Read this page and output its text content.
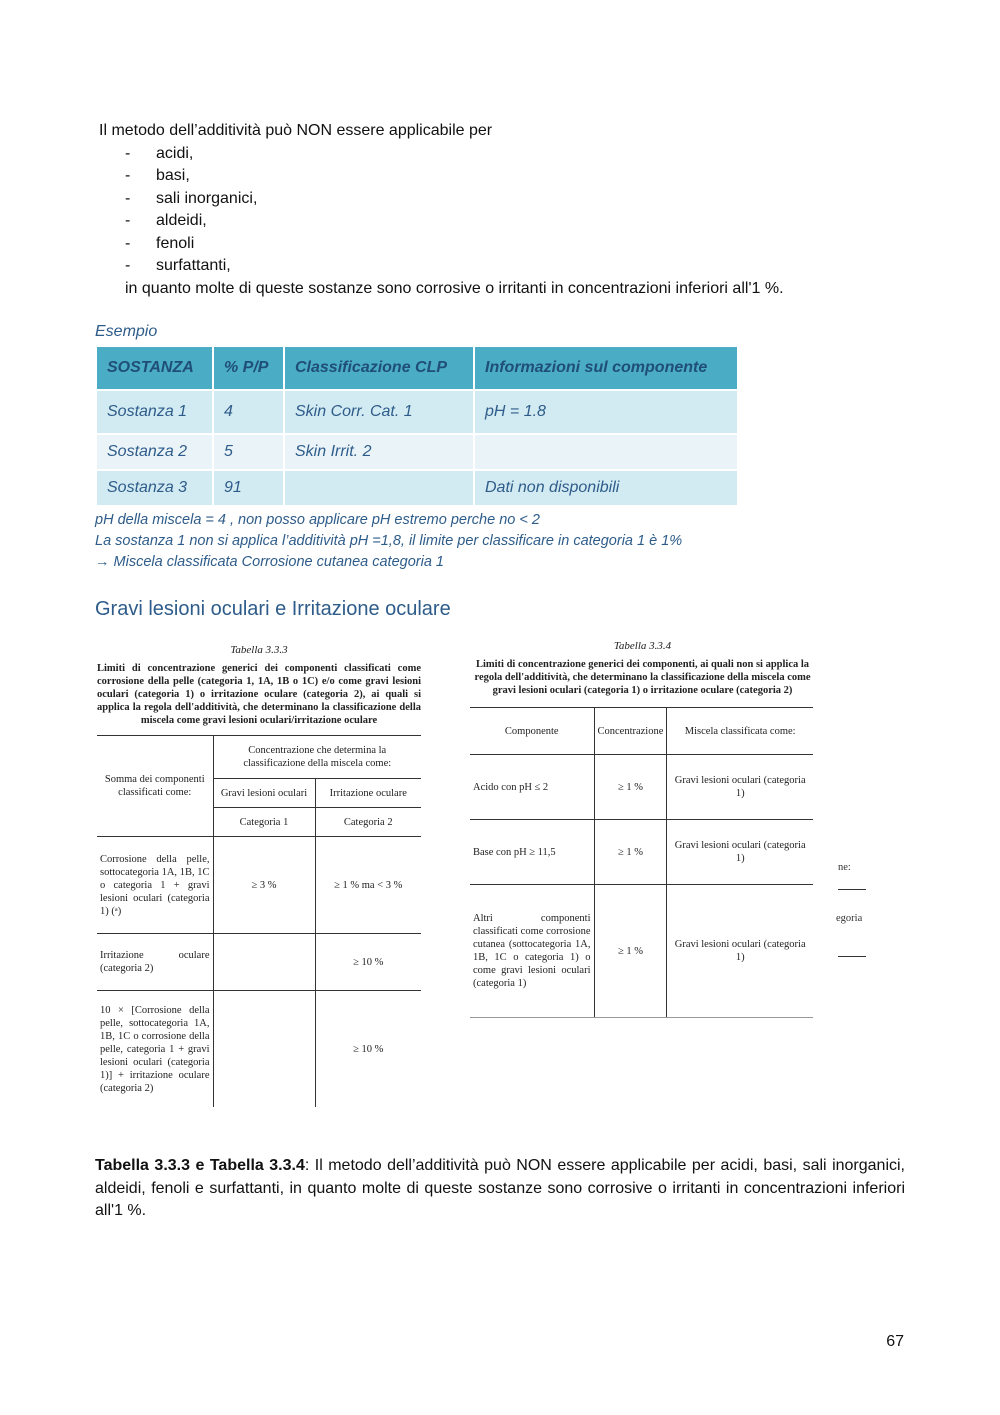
Il metodo dell’additività può NON essere applicabile per
- acidi,
- basi,
- sali inorganici,
- aldeidi,
- fenoli
- surfattanti,
in quanto molte di queste sostanze sono corrosive o irritanti in concentrazioni inferiori all'1 %.
Esempio
SOSTANZA	% P/P	Classificazione CLP	Informazioni sul componente
Sostanza 1	4	Skin Corr. Cat. 1	pH = 1.8
Sostanza 2	5	Skin Irrit. 2	
Sostanza 3	91		Dati non disponibili
pH della miscela = 4 , non posso applicare pH estremo perche no < 2
La sostanza 1 non si applica l’additività pH =1,8, il limite per classificare in categoria 1 è 1%
→ Miscela classificata Corrosione cutanea categoria 1
Gravi lesioni oculari e Irritazione oculare
Tabella 3.3.3
Limiti di concentrazione generici dei componenti classificati come corrosione della pelle (categoria 1, 1A, 1B o 1C) e/o come gravi lesioni oculari (categoria 1) o irritazione oculare (categoria 2), ai quali si applica la regola dell'additività, che determinano la classificazione della miscela come gravi lesioni oculari/irritazione oculare
Somma dei componenti classificati come:	Concentrazione che determina la classificazione della miscela come:	
	Gravi lesioni oculari	Irritazione oculare
	Categoria 1	Categoria 2
Corrosione della pelle, sottocategoria 1A, 1B, 1C o categoria 1 + gravi lesioni oculari (categoria 1) (ᵃ)	≥ 3 %	≥ 1 % ma < 3 %
Irritazione oculare (categoria 2)		≥ 10 %
10 × [Corrosione della pelle, sottocategoria 1A, 1B, 1C o corrosione della pelle, categoria 1 + gravi lesioni oculari (categoria 1)] + irritazione oculare (categoria 2)		≥ 10 %
Tabella 3.3.4
Limiti di concentrazione generici dei componenti, ai quali non si applica la regola dell'additività, che determinano la classificazione della miscela come gravi lesioni oculari (categoria 1) o irritazione oculare (categoria 2)
Componente	Concentrazione	Miscela classificata come:
Acido con pH ≤ 2	≥ 1 %	Gravi lesioni oculari (categoria 1)
Base con pH ≥ 11,5	≥ 1 %	Gravi lesioni oculari (categoria 1)
Altri componenti classificati come corrosione cutanea (sottocategoria 1A, 1B, 1C o categoria 1) o come gravi lesioni oculari (categoria 1)	≥ 1 %	Gravi lesioni oculari (categoria 1)
ne:
egoria
Tabella 3.3.3 e Tabella 3.3.4: Il metodo dell’additività può NON essere applicabile per acidi, basi, sali inorganici, aldeidi, fenoli e surfattanti, in quanto molte di queste sostanze sono corrosive o irritanti in concentrazioni inferiori all'1 %.
67
